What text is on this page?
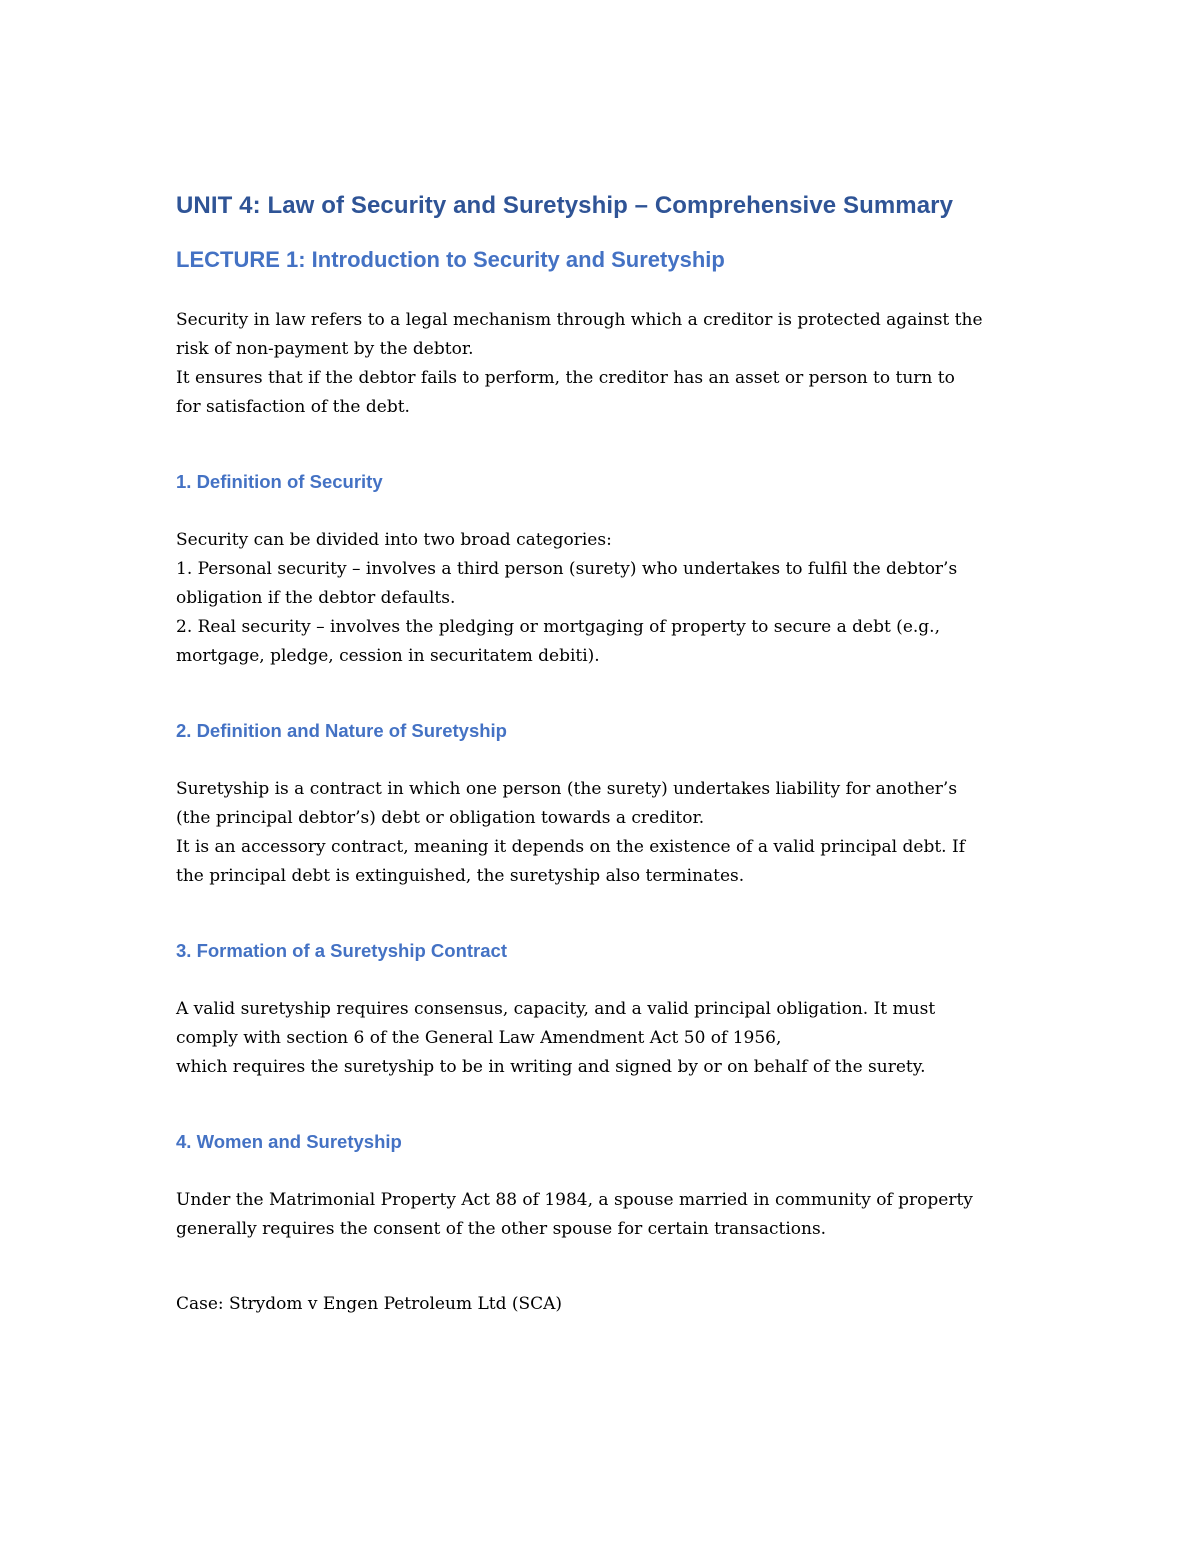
UNIT 4: Law of Security and Suretyship – Comprehensive Summary
LECTURE 1: Introduction to Security and Suretyship

Security in law refers to a legal mechanism through which a creditor is protected against the

risk of non-payment by the debtor.

It ensures that if the debtor fails to perform, the creditor has an asset or person to turn to

for satisfaction of the debt.

1. Definition of Security

Security can be divided into two broad categories:

1. Personal security – involves a third person (surety) who undertakes to fulfil the debtor’s

obligation if the debtor defaults.

2. Real security – involves the pledging or mortgaging of property to secure a debt (e.g.,

mortgage, pledge, cession in securitatem debiti).

2. Definition and Nature of Suretyship

Suretyship is a contract in which one person (the surety) undertakes liability for another’s

(the principal debtor’s) debt or obligation towards a creditor.

It is an accessory contract, meaning it depends on the existence of a valid principal debt. If

the principal debt is extinguished, the suretyship also terminates.

3. Formation of a Suretyship Contract

A valid suretyship requires consensus, capacity, and a valid principal obligation. It must

comply with section 6 of the General Law Amendment Act 50 of 1956,

which requires the suretyship to be in writing and signed by or on behalf of the surety.

4. Women and Suretyship

Under the Matrimonial Property Act 88 of 1984, a spouse married in community of property

generally requires the consent of the other spouse for certain transactions.

Case: Strydom v Engen Petroleum Ltd (SCA)
